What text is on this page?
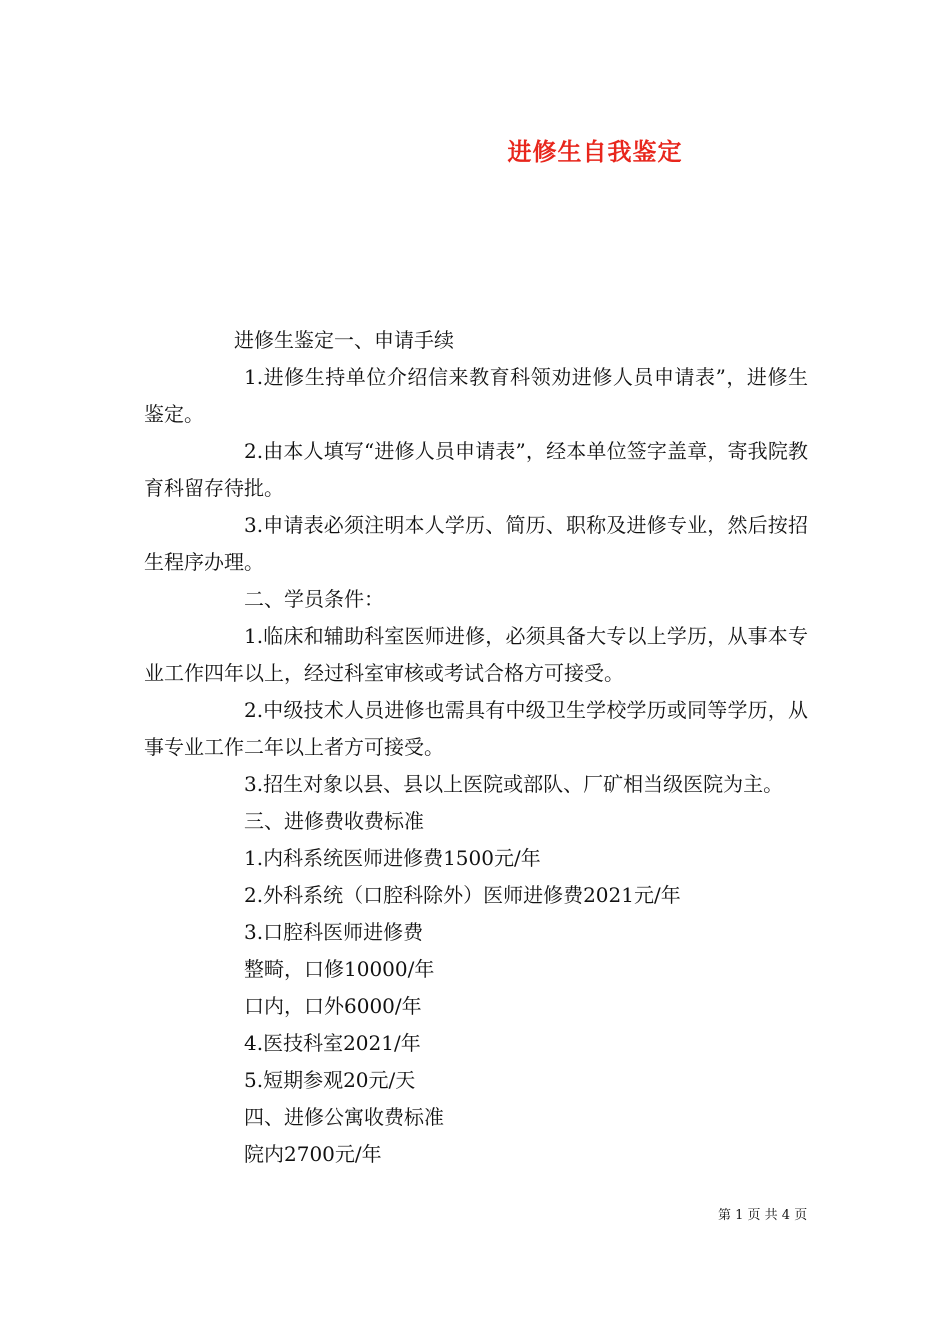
进修生自我鉴定

进修生鉴定一、申请手续

1.进修生持单位介绍信来教育科领劝进修人员申请表”，进修生鉴定。

2.由本人填写“进修人员申请表”，经本单位签字盖章，寄我院教育科留存待批。

3.申请表必须注明本人学历、简历、职称及进修专业，然后按招生程序办理。

二、学员条件：

1.临床和辅助科室医师进修，必须具备大专以上学历，从事本专业工作四年以上，经过科室审核或考试合格方可接受。

2.中级技术人员进修也需具有中级卫生学校学历或同等学历，从事专业工作二年以上者方可接受。

3.招生对象以县、县以上医院或部队、厂矿相当级医院为主。

三、进修费收费标准

1.内科系统医师进修费1500元/年

2.外科系统（口腔科除外）医师进修费2021元/年

3.口腔科医师进修费

整畸，口修10000/年

口内，口外6000/年

4.医技科室2021/年

5.短期参观20元/天

四、进修公寓收费标准

院内2700元/年

第 1 页 共 4 页
